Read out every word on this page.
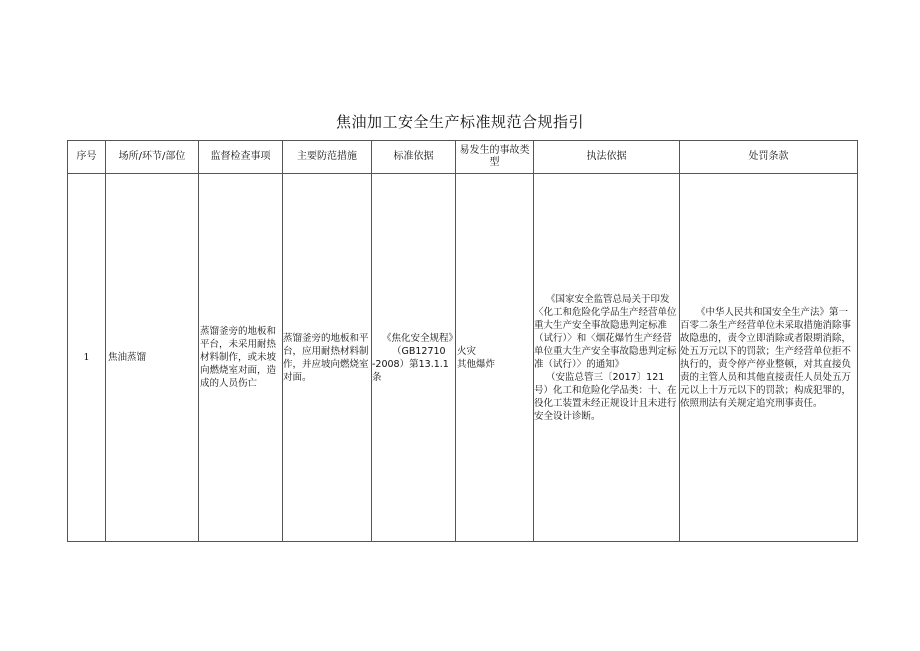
焦油加工安全生产标准规范合规指引
序号	场所/环节/部位	监督检查事项	主要防范措施	标准依据	易发生的事故类型	执法依据	处罚条款
1	焦油蒸馏	蒸馏釜旁的地板和平台，未采用耐热材料制作，或未坡向燃烧室对面，造成的人员伤亡	蒸馏釜旁的地板和平台，应用耐热材料制作，并应坡向燃烧室对面。	《焦化安全规程》
（GB12710
-2008）第13.1.1条	火灾
其他爆炸	《国家安全监管总局关于印发〈化工和危险化学品生产经营单位重大生产安全事故隐患判定标准（试行）〉和〈烟花爆竹生产经营单位重大生产安全事故隐患判定标准（试行）〉的通知》
（安监总管三〔2017〕121号）化工和危险化学品类：十、在役化工装置未经正规设计且未进行安全设计诊断。	《中华人民共和国安全生产法》第一百零二条生产经营单位未采取措施消除事故隐患的，责令立即消除或者限期消除，处五万元以下的罚款；生产经营单位拒不执行的，责令停产停业整顿，对其直接负责的主管人员和其他直接责任人员处五万元以上十万元以下的罚款；构成犯罪的，依照刑法有关规定追究刑事责任。
